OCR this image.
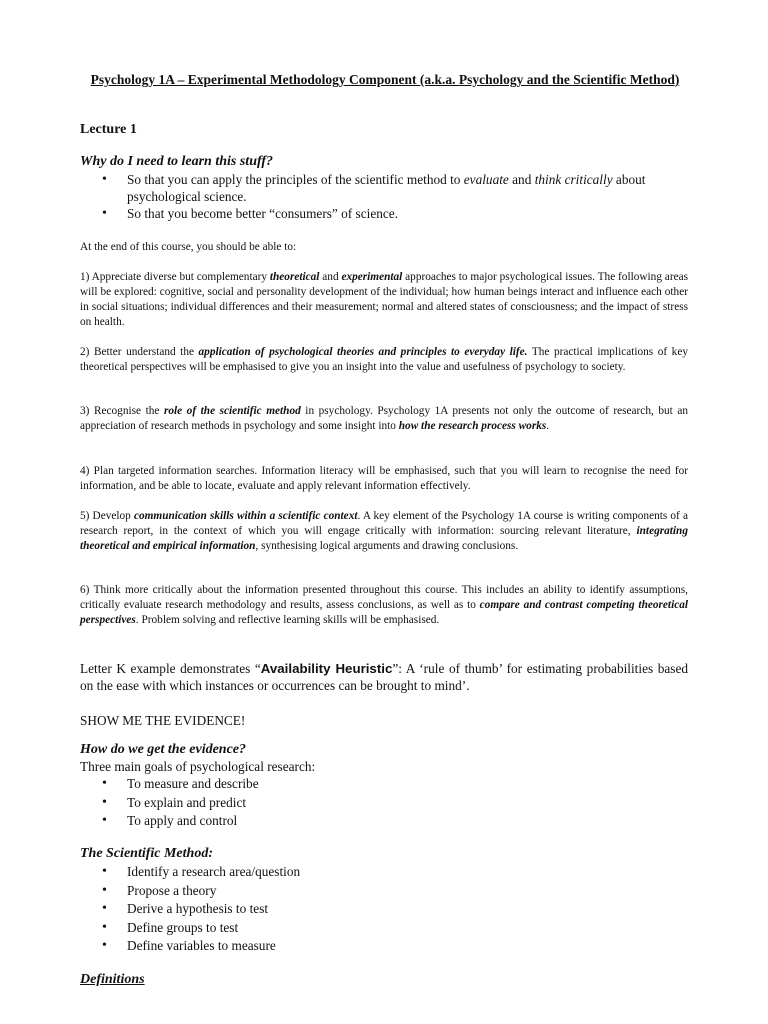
Psychology 1A – Experimental Methodology Component (a.k.a. Psychology and the Scientific Method)
Lecture 1
Why do I need to learn this stuff?
• So that you can apply the principles of the scientific method to evaluate and think critically about psychological science.
• So that you become better “consumers” of science.
At the end of this course, you should be able to:
1) Appreciate diverse but complementary theoretical and experimental approaches to major psychological issues. The following areas will be explored: cognitive, social and personality development of the individual; how human beings interact and influence each other in social situations; individual differences and their measurement; normal and altered states of consciousness; and the impact of stress on health.
2) Better understand the application of psychological theories and principles to everyday life. The practical implications of key theoretical perspectives will be emphasised to give you an insight into the value and usefulness of psychology to society.
3) Recognise the role of the scientific method in psychology. Psychology 1A presents not only the outcome of research, but an appreciation of research methods in psychology and some insight into how the research process works.
4) Plan targeted information searches. Information literacy will be emphasised, such that you will learn to recognise the need for information, and be able to locate, evaluate and apply relevant information effectively.
5) Develop communication skills within a scientific context. A key element of the Psychology 1A course is writing components of a research report, in the context of which you will engage critically with information: sourcing relevant literature, integrating theoretical and empirical information, synthesising logical arguments and drawing conclusions.
6) Think more critically about the information presented throughout this course. This includes an ability to identify assumptions, critically evaluate research methodology and results, assess conclusions, as well as to compare and contrast competing theoretical perspectives. Problem solving and reflective learning skills will be emphasised.
Letter K example demonstrates “Availability Heuristic”: A ‘rule of thumb’ for estimating probabilities based on the ease with which instances or occurrences can be brought to mind’.
SHOW ME THE EVIDENCE!
How do we get the evidence?
Three main goals of psychological research:
• To measure and describe
• To explain and predict
• To apply and control
The Scientific Method:
• Identify a research area/question
• Propose a theory
• Derive a hypothesis to test
• Define groups to test
• Define variables to measure
Definitions
